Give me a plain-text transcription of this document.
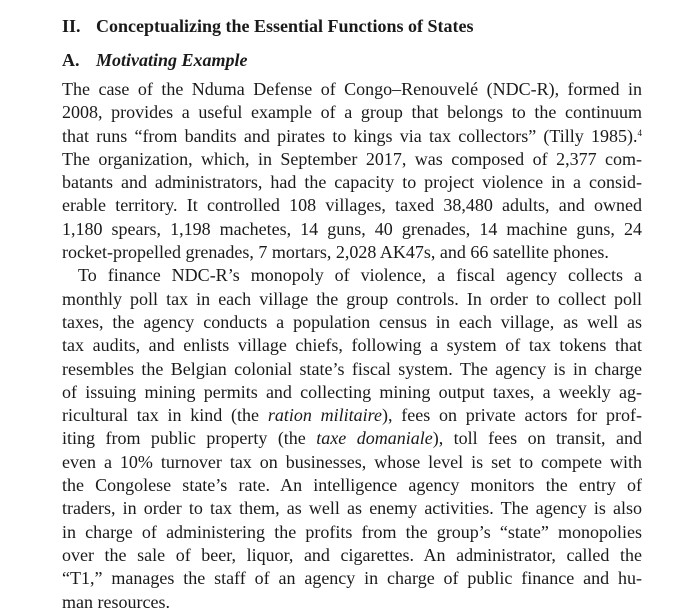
II. Conceptualizing the Essential Functions of States
A. Motivating Example
The case of the Nduma Defense of Congo–Renouvelé (NDC-R), formed in
2008, provides a useful example of a group that belongs to the continuum
that runs “from bandits and pirates to kings via tax collectors” (Tilly 1985).$^4$
The organization, which, in September 2017, was composed of 2,377 com-
batants and administrators, had the capacity to project violence in a consid-
erable territory. It controlled 108 villages, taxed 38,480 adults, and owned
1,180 spears, 1,198 machetes, 14 guns, 40 grenades, 14 machine guns, 24
rocket-propelled grenades, 7 mortars, 2,028 AK47s, and 66 satellite phones.
To finance NDC-R’s monopoly of violence, a fiscal agency collects a
monthly poll tax in each village the group controls. In order to collect poll
taxes, the agency conducts a population census in each village, as well as
tax audits, and enlists village chiefs, following a system of tax tokens that
resembles the Belgian colonial state’s fiscal system. The agency is in charge
of issuing mining permits and collecting mining output taxes, a weekly ag-
ricultural tax in kind (the ration militaire), fees on private actors for prof-
iting from public property (the taxe domaniale), toll fees on transit, and
even a 10% turnover tax on businesses, whose level is set to compete with
the Congolese state’s rate. An intelligence agency monitors the entry of
traders, in order to tax them, as well as enemy activities. The agency is also
in charge of administering the profits from the group’s “state” monopolies
over the sale of beer, liquor, and cigarettes. An administrator, called the
“T1,” manages the staff of an agency in charge of public finance and hu-
man resources.
